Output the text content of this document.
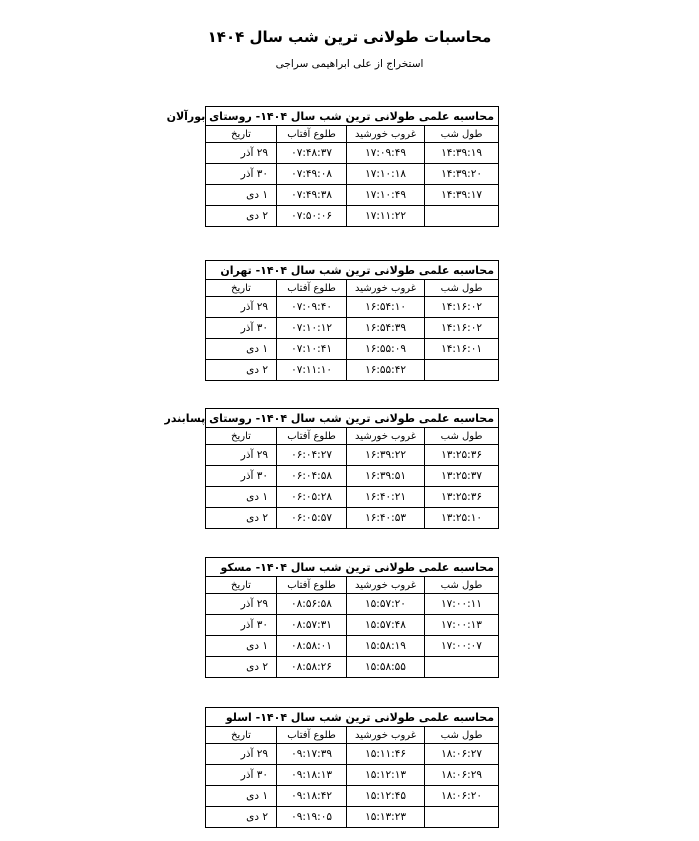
محاسبات طولانی ترین شب سال ۱۴۰۴
استخراج از علی ابراهیمی سراجی
محاسبه علمی طولانی ترین شب سال ۱۴۰۴- روستای بورآلان			
طول شب	غروب خورشید	طلوع آفتاب	تاریخ
۱۴:۳۹:۱۹	۱۷:۰۹:۴۹	۰۷:۴۸:۳۷	۲۹ آذر
۱۴:۳۹:۲۰	۱۷:۱۰:۱۸	۰۷:۴۹:۰۸	۳۰ آذر
۱۴:۳۹:۱۷	۱۷:۱۰:۴۹	۰۷:۴۹:۳۸	۱ دی
	۱۷:۱۱:۲۲	۰۷:۵۰:۰۶	۲ دی
محاسبه علمی طولانی ترین شب سال ۱۴۰۴- تهران			
طول شب	غروب خورشید	طلوع آفتاب	تاریخ
۱۴:۱۶:۰۲	۱۶:۵۴:۱۰	۰۷:۰۹:۴۰	۲۹ آذر
۱۴:۱۶:۰۲	۱۶:۵۴:۳۹	۰۷:۱۰:۱۲	۳۰ آذر
۱۴:۱۶:۰۱	۱۶:۵۵:۰۹	۰۷:۱۰:۴۱	۱ دی
	۱۶:۵۵:۴۲	۰۷:۱۱:۱۰	۲ دی
محاسبه علمی طولانی ترین شب سال ۱۴۰۴- روستای پسابندر			
طول شب	غروب خورشید	طلوع آفتاب	تاریخ
۱۳:۲۵:۳۶	۱۶:۳۹:۲۲	۰۶:۰۴:۲۷	۲۹ آذر
۱۳:۲۵:۳۷	۱۶:۳۹:۵۱	۰۶:۰۴:۵۸	۳۰ آذر
۱۳:۲۵:۳۶	۱۶:۴۰:۲۱	۰۶:۰۵:۲۸	۱ دی
۱۳:۲۵:۱۰	۱۶:۴۰:۵۳	۰۶:۰۵:۵۷	۲ دی
محاسبه علمی طولانی ترین شب سال ۱۴۰۴- مسکو			
طول شب	غروب خورشید	طلوع آفتاب	تاریخ
۱۷:۰۰:۱۱	۱۵:۵۷:۲۰	۰۸:۵۶:۵۸	۲۹ آذر
۱۷:۰۰:۱۳	۱۵:۵۷:۴۸	۰۸:۵۷:۳۱	۳۰ آذر
۱۷:۰۰:۰۷	۱۵:۵۸:۱۹	۰۸:۵۸:۰۱	۱ دی
	۱۵:۵۸:۵۵	۰۸:۵۸:۲۶	۲ دی
محاسبه علمی طولانی ترین شب سال ۱۴۰۴- اسلو			
طول شب	غروب خورشید	طلوع آفتاب	تاریخ
۱۸:۰۶:۲۷	۱۵:۱۱:۴۶	۰۹:۱۷:۳۹	۲۹ آذر
۱۸:۰۶:۲۹	۱۵:۱۲:۱۳	۰۹:۱۸:۱۳	۳۰ آذر
۱۸:۰۶:۲۰	۱۵:۱۲:۴۵	۰۹:۱۸:۴۲	۱ دی
	۱۵:۱۳:۲۳	۰۹:۱۹:۰۵	۲ دی
